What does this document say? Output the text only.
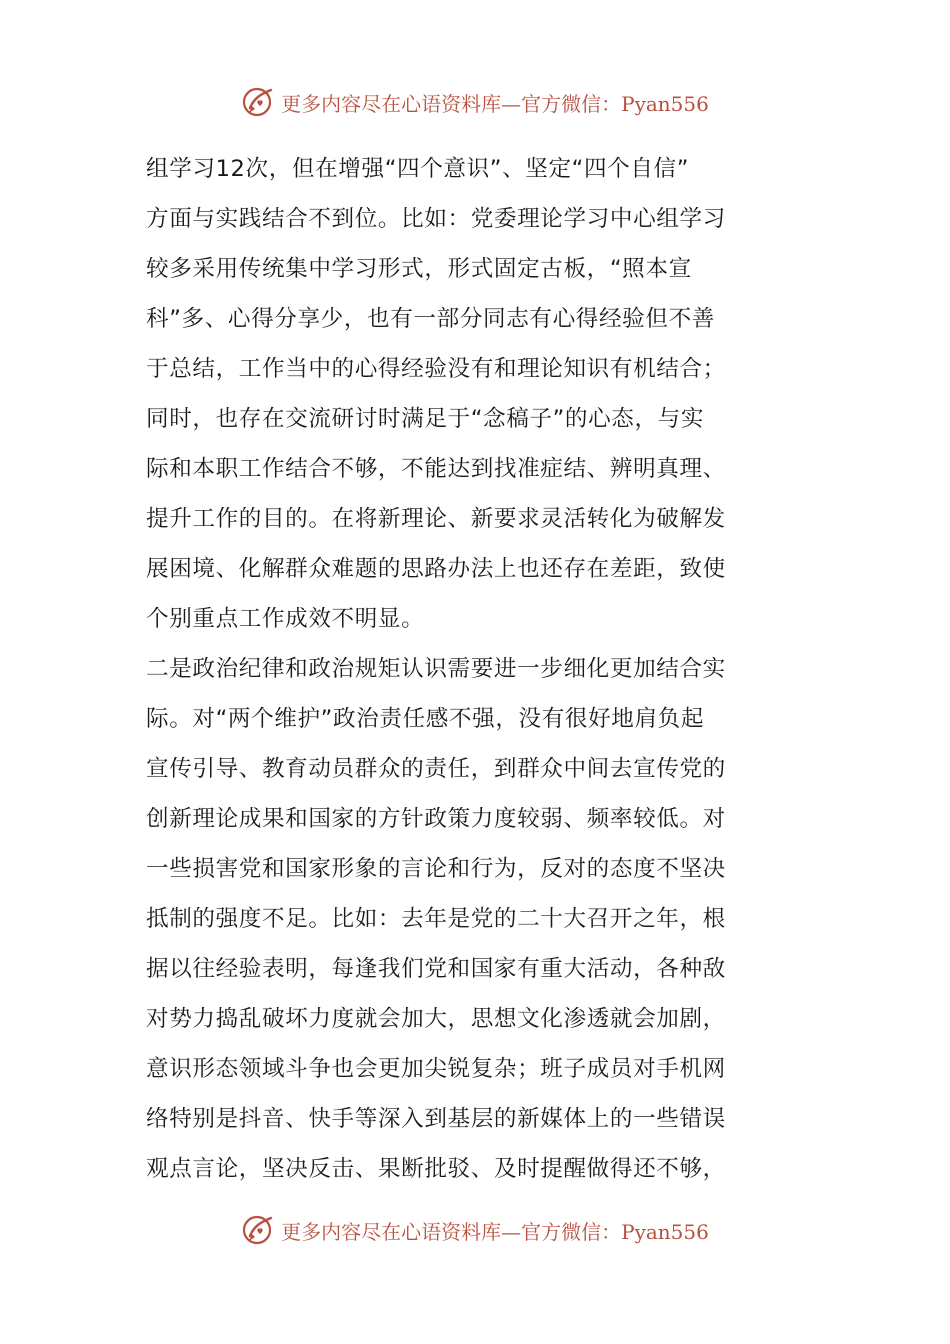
更多内容尽在心语资料库—官方微信：Pyan556
组学习12次，但在增强“四个意识”、坚定“四个自信”
方面与实践结合不到位。比如：党委理论学习中心组学习
较多采用传统集中学习形式，形式固定古板，“照本宣
科”多、心得分享少，也有一部分同志有心得经验但不善
于总结，工作当中的心得经验没有和理论知识有机结合；
同时，也存在交流研讨时满足于“念稿子”的心态，与实
际和本职工作结合不够，不能达到找准症结、辨明真理、
提升工作的目的。在将新理论、新要求灵活转化为破解发
展困境、化解群众难题的思路办法上也还存在差距，致使
个别重点工作成效不明显。
二是政治纪律和政治规矩认识需要进一步细化更加结合实
际。对“两个维护”政治责任感不强，没有很好地肩负起
宣传引导、教育动员群众的责任，到群众中间去宣传党的
创新理论成果和国家的方针政策力度较弱、频率较低。对
一些损害党和国家形象的言论和行为，反对的态度不坚决
抵制的强度不足。比如：去年是党的二十大召开之年，根
据以往经验表明，每逢我们党和国家有重大活动，各种敌
对势力捣乱破坏力度就会加大，思想文化渗透就会加剧，
意识形态领域斗争也会更加尖锐复杂；班子成员对手机网
络特别是抖音、快手等深入到基层的新媒体上的一些错误
观点言论，坚决反击、果断批驳、及时提醒做得还不够，
更多内容尽在心语资料库—官方微信：Pyan556
